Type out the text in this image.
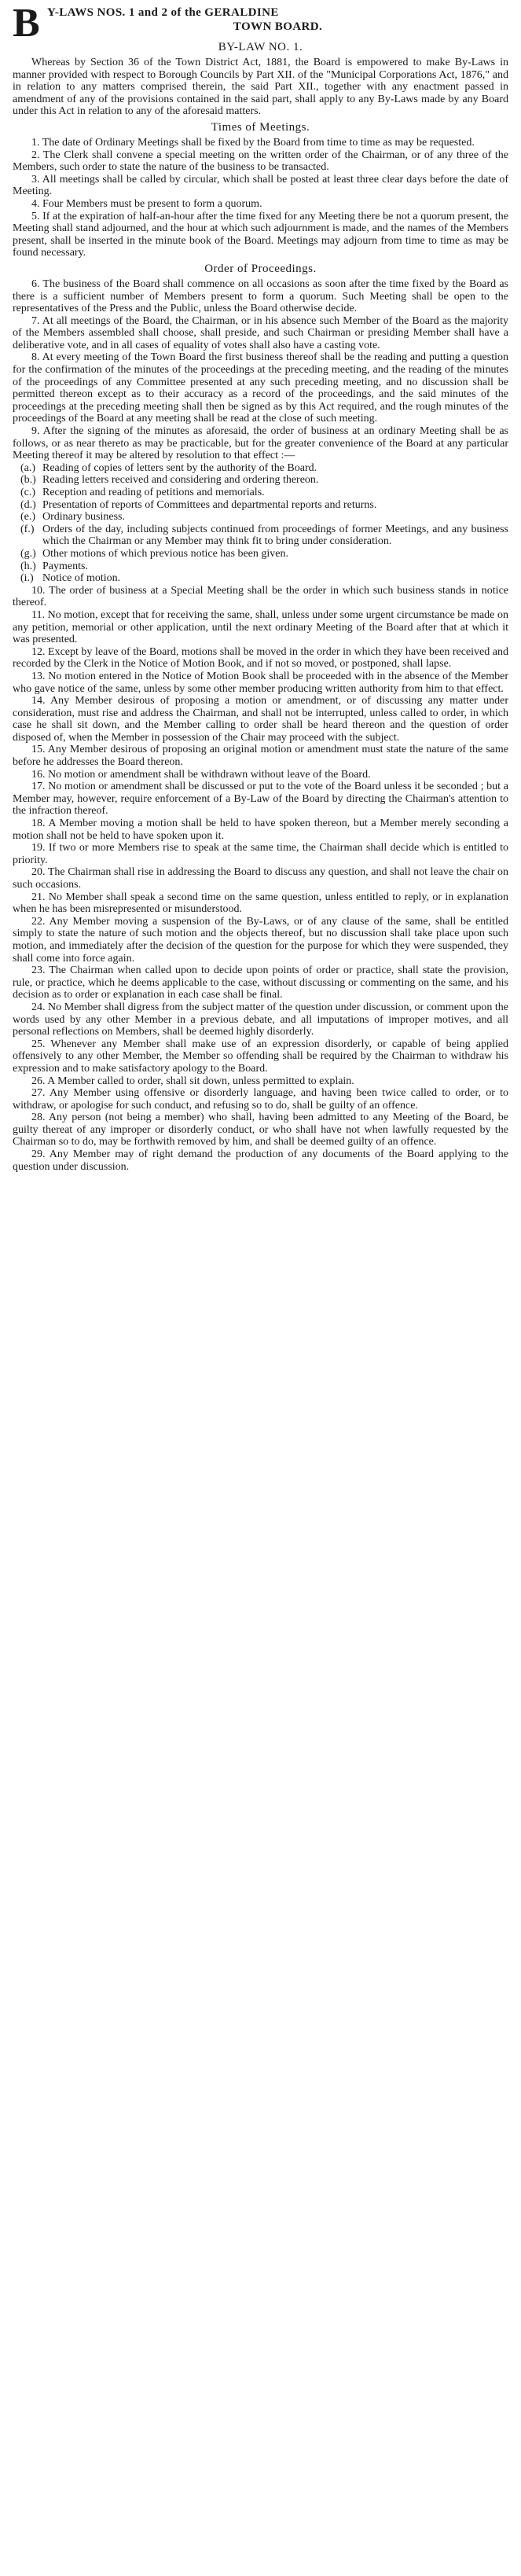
B Y-LAWS NOS. 1 and 2 of the GERALDINE
TOWN BOARD.
BY-LAW NO. 1.

Whereas by Section 36 of the Town District Act, 1881, the Board is empowered to make By-Laws in manner provided with respect to Borough Councils by Part XII. of the "Municipal Corporations Act, 1876," and in relation to any matters comprised therein, the said Part XII., together with any enactment passed in amendment of any of the provisions contained in the said part, shall apply to any By-Laws made by any Board under this Act in relation to any of the aforesaid matters.

Times of Meetings.

1. The date of Ordinary Meetings shall be fixed by the Board from time to time as may be requested.

2. The Clerk shall convene a special meeting on the written order of the Chairman, or of any three of the Members, such order to state the nature of the business to be transacted.

3. All meetings shall be called by circular, which shall be posted at least three clear days before the date of Meeting.

4. Four Members must be present to form a quorum.

5. If at the expiration of half-an-hour after the time fixed for any Meeting there be not a quorum present, the Meeting shall stand adjourned, and the hour at which such adjournment is made, and the names of the Members present, shall be inserted in the minute book of the Board. Meetings may adjourn from time to time as may be found necessary.

Order of Proceedings.

6. The business of the Board shall commence on all occasions as soon after the time fixed by the Board as there is a sufficient number of Members present to form a quorum. Such Meeting shall be open to the representatives of the Press and the Public, unless the Board otherwise decide.

7. At all meetings of the Board, the Chairman, or in his absence such Member of the Board as the majority of the Members assembled shall choose, shall preside, and such Chairman or presiding Member shall have a deliberative vote, and in all cases of equality of votes shall also have a casting vote.

8. At every meeting of the Town Board the first business thereof shall be the reading and putting a question for the confirmation of the minutes of the proceedings at the preceding meeting, and the reading of the minutes of the proceedings of any Committee presented at any such preceding meeting, and no discussion shall be permitted thereon except as to their accuracy as a record of the proceedings, and the said minutes of the proceedings at the preceding meeting shall then be signed as by this Act required, and the rough minutes of the proceedings of the Board at any meeting shall be read at the close of such meeting.

9. After the signing of the minutes as aforesaid, the order of business at an ordinary Meeting shall be as follows, or as near thereto as may be practicable, but for the greater convenience of the Board at any particular Meeting thereof it may be altered by resolution to that effect :—

(a.) Reading of copies of letters sent by the authority of the Board.
(b.) Reading letters received and considering and ordering thereon.
(c.) Reception and reading of petitions and memorials.
(d.) Presentation of reports of Committees and departmental reports and returns.
(e.) Ordinary business.
(f.) Orders of the day, including subjects continued from proceedings of former Meetings, and any business which the Chairman or any Member may think fit to bring under consideration.
(g.) Other motions of which previous notice has been given.
(h.) Payments.
(i.) Notice of motion.

10. The order of business at a Special Meeting shall be the order in which such business stands in notice thereof.

11. No motion, except that for receiving the same, shall, unless under some urgent circumstance be made on any petition, memorial or other application, until the next ordinary Meeting of the Board after that at which it was presented.

12. Except by leave of the Board, motions shall be moved in the order in which they have been received and recorded by the Clerk in the Notice of Motion Book, and if not so moved, or postponed, shall lapse.

13. No motion entered in the Notice of Motion Book shall be proceeded with in the absence of the Member who gave notice of the same, unless by some other member producing written authority from him to that effect.

14. Any Member desirous of proposing a motion or amendment, or of discussing any matter under consideration, must rise and address the Chairman, and shall not be interrupted, unless called to order, in which case he shall sit down, and the Member calling to order shall be heard thereon and the question of order disposed of, when the Member in possession of the Chair may proceed with the subject.

15. Any Member desirous of proposing an original motion or amendment must state the nature of the same before he addresses the Board thereon.

16. No motion or amendment shall be withdrawn without leave of the Board.

17. No motion or amendment shall be discussed or put to the vote of the Board unless it be seconded ; but a Member may, however, require enforcement of a By-Law of the Board by directing the Chairman's attention to the infraction thereof.

18. A Member moving a motion shall be held to have spoken thereon, but a Member merely seconding a motion shall not be held to have spoken upon it.

19. If two or more Members rise to speak at the same time, the Chairman shall decide which is entitled to priority.

20. The Chairman shall rise in addressing the Board to discuss any question, and shall not leave the chair on such occasions.

21. No Member shall speak a second time on the same question, unless entitled to reply, or in explanation when he has been misrepresented or misunderstood.

22. Any Member moving a suspension of the By-Laws, or of any clause of the same, shall be entitled simply to state the nature of such motion and the objects thereof, but no discussion shall take place upon such motion, and immediately after the decision of the question for the purpose for which they were suspended, they shall come into force again.

23. The Chairman when called upon to decide upon points of order or practice, shall state the provision, rule, or practice, which he deems applicable to the case, without discussing or commenting on the same, and his decision as to order or explanation in each case shall be final.

24. No Member shall digress from the subject matter of the question under discussion, or comment upon the words used by any other Member in a previous debate, and all imputations of improper motives, and all personal reflections on Members, shall be deemed highly disorderly.

25. Whenever any Member shall make use of an expression disorderly, or capable of being applied offensively to any other Member, the Member so offending shall be required by the Chairman to withdraw his expression and to make satisfactory apology to the Board.

26. A Member called to order, shall sit down, unless permitted to explain.

27. Any Member using offensive or disorderly language, and having been twice called to order, or to withdraw, or apologise for such conduct, and refusing so to do, shall be guilty of an offence.

28. Any person (not being a member) who shall, having been admitted to any Meeting of the Board, be guilty thereat of any improper or disorderly conduct, or who shall have not when lawfully requested by the Chairman so to do, may be forthwith removed by him, and shall be deemed guilty of an offence.

29. Any Member may of right demand the production of any documents of the Board applying to the question under discussion.
